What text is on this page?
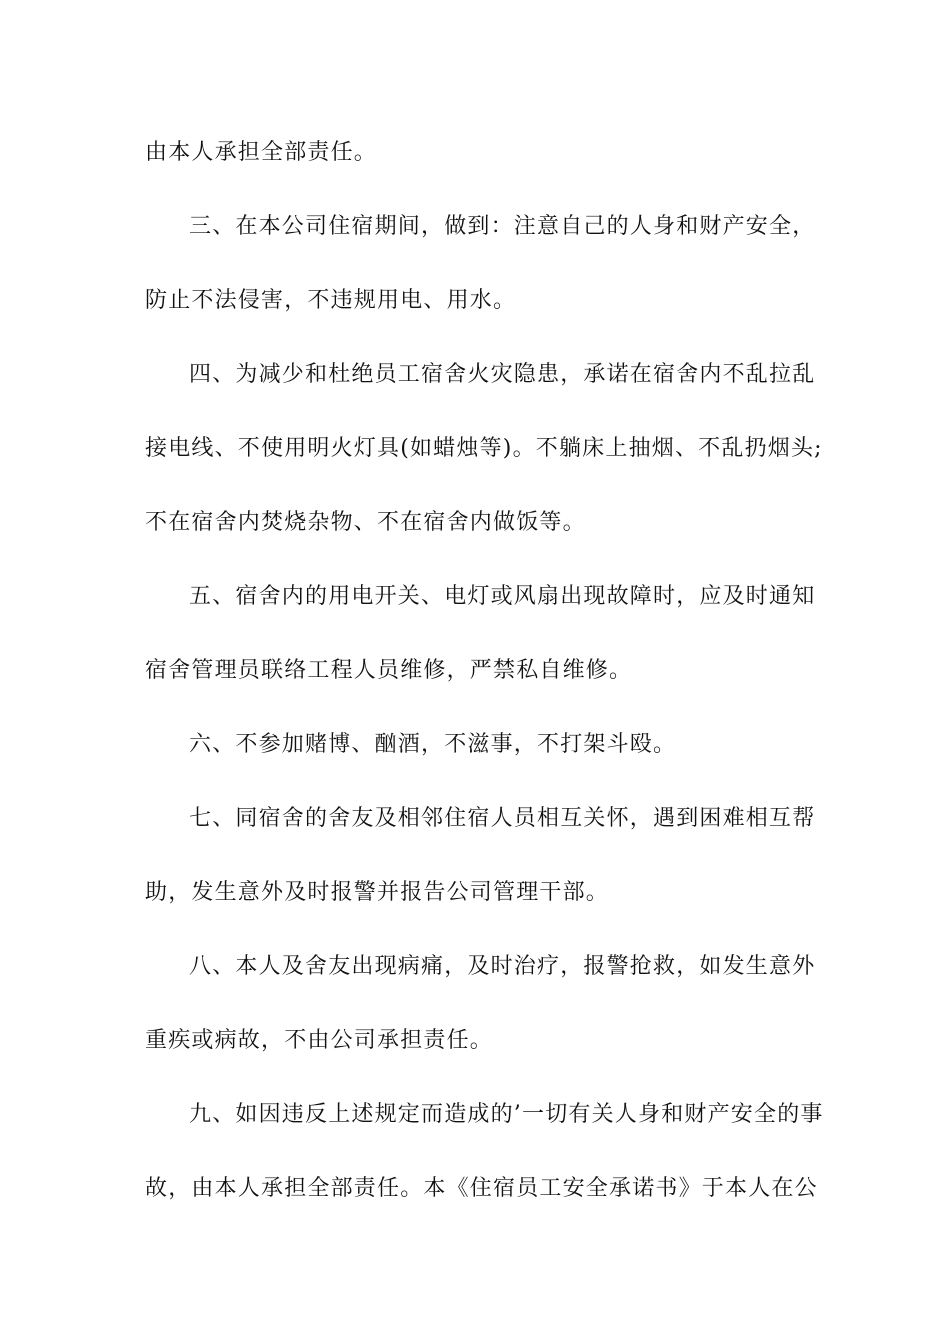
由本人承担全部责任。
三、在本公司住宿期间，做到：注意自己的人身和财产安全，
防止不法侵害，不违规用电、用水。
四、为减少和杜绝员工宿舍火灾隐患，承诺在宿舍内不乱拉乱
接电线、不使用明火灯具(如蜡烛等)。不躺床上抽烟、不乱扔烟头;
不在宿舍内焚烧杂物、不在宿舍内做饭等。
五、宿舍内的用电开关、电灯或风扇出现故障时，应及时通知
宿舍管理员联络工程人员维修，严禁私自维修。
六、不参加赌博、酗酒，不滋事，不打架斗殴。
七、同宿舍的舍友及相邻住宿人员相互关怀，遇到困难相互帮
助，发生意外及时报警并报告公司管理干部。
八、本人及舍友出现病痛，及时治疗，报警抢救，如发生意外
重疾或病故，不由公司承担责任。
九、如因违反上述规定而造成的’一切有关人身和财产安全的事
故，由本人承担全部责任。本《住宿员工安全承诺书》于本人在公
